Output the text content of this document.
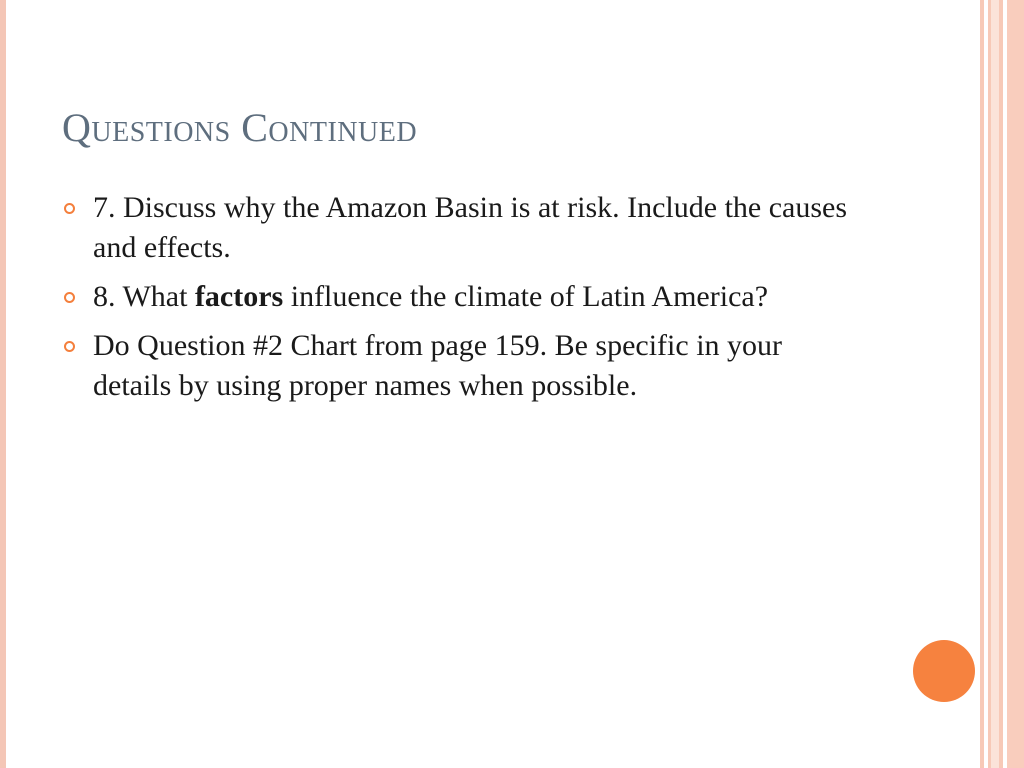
Questions Continued
7. Discuss why the Amazon Basin is at risk. Include the causes and effects.
8. What factors influence the climate of Latin America?
Do Question #2 Chart from page 159. Be specific in your details by using proper names when possible.
